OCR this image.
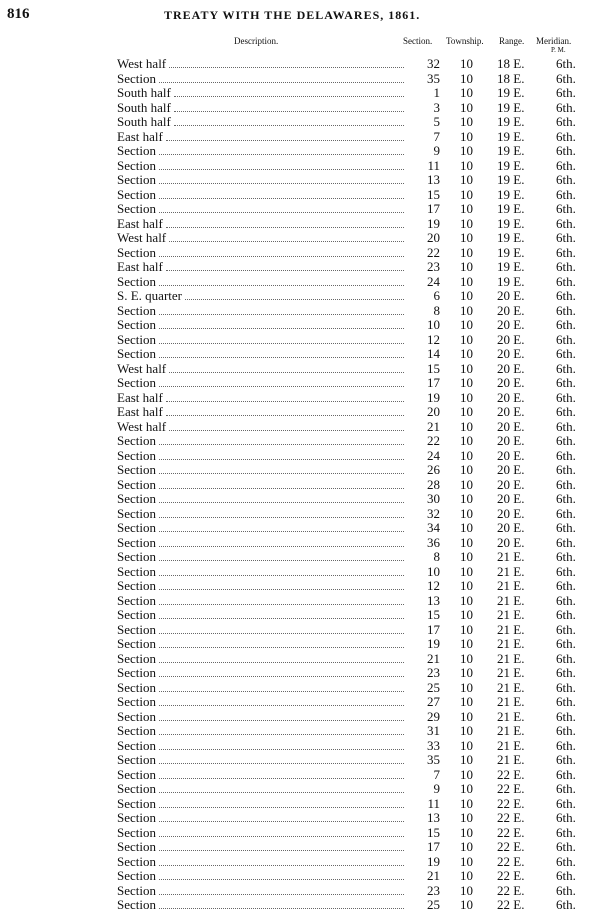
816	TREATY WITH THE DELAWARES, 1861.
Description.	Section. Township. Range. Meridian.
P. M.
West half	32 10 18 E. 6th.
Section	35 10 18 E. 6th.
South half	1 10 19 E. 6th.
South half	3 10 19 E. 6th.
South half	5 10 19 E. 6th.
East half	7 10 19 E. 6th.
Section	9 10 19 E. 6th.
Section	11 10 19 E. 6th.
Section	13 10 19 E. 6th.
Section	15 10 19 E. 6th.
Section	17 10 19 E. 6th.
East half	19 10 19 E. 6th.
West half	20 10 19 E. 6th.
Section	22 10 19 E. 6th.
East half	23 10 19 E. 6th.
Section	24 10 19 E. 6th.
S. E. quarter	6 10 20 E. 6th.
Section	8 10 20 E. 6th.
Section	10 10 20 E. 6th.
Section	12 10 20 E. 6th.
Section	14 10 20 E. 6th.
West half	15 10 20 E. 6th.
Section	17 10 20 E. 6th.
East half	19 10 20 E. 6th.
East half	20 10 20 E. 6th.
West half	21 10 20 E. 6th.
Section	22 10 20 E. 6th.
Section	24 10 20 E. 6th.
Section	26 10 20 E. 6th.
Section	28 10 20 E. 6th.
Section	30 10 20 E. 6th.
Section	32 10 20 E. 6th.
Section	34 10 20 E. 6th.
Section	36 10 20 E. 6th.
Section	8 10 21 E. 6th.
Section	10 10 21 E. 6th.
Section	12 10 21 E. 6th.
Section	13 10 21 E. 6th.
Section	15 10 21 E. 6th.
Section	17 10 21 E. 6th.
Section	19 10 21 E. 6th.
Section	21 10 21 E. 6th.
Section	23 10 21 E. 6th.
Section	25 10 21 E. 6th.
Section	27 10 21 E. 6th.
Section	29 10 21 E. 6th.
Section	31 10 21 E. 6th.
Section	33 10 21 E. 6th.
Section	35 10 21 E. 6th.
Section	7 10 22 E. 6th.
Section	9 10 22 E. 6th.
Section	11 10 22 E. 6th.
Section	13 10 22 E. 6th.
Section	15 10 22 E. 6th.
Section	17 10 22 E. 6th.
Section	19 10 22 E. 6th.
Section	21 10 22 E. 6th.
Section	23 10 22 E. 6th.
Section	25 10 22 E. 6th.
